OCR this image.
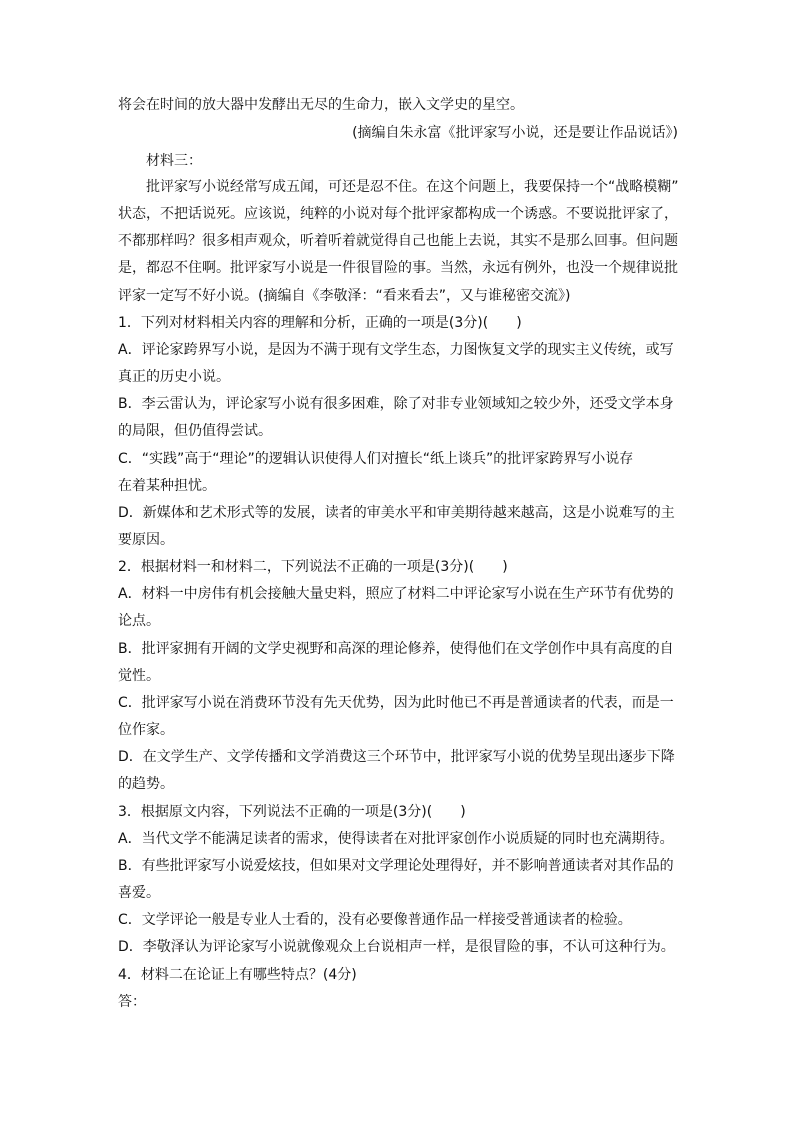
将会在时间的放大器中发酵出无尽的生命力，嵌入文学史的星空。
(摘编自朱永富《批评家写小说，还是要让作品说话》)
材料三：
批评家写小说经常写成五闻，可还是忍不住。在这个问题上，我要保持一个“战略模糊”
状态，不把话说死。应该说，纯粹的小说对每个批评家都构成一个诱惑。不要说批评家了，
不都那样吗？很多相声观众，听着听着就觉得自己也能上去说，其实不是那么回事。但问题
是，都忍不住啊。批评家写小说是一件很冒险的事。当然，永远有例外，也没一个规律说批
评家一定写不好小说。(摘编自《李敬泽：“看来看去”，又与谁秘密交流》)
1．下列对材料相关内容的理解和分析，正确的一项是(3分)(　　)
A．评论家跨界写小说，是因为不满于现有文学生态，力图恢复文学的现实主义传统，或写
真正的历史小说。
B．李云雷认为，评论家写小说有很多困难，除了对非专业领域知之较少外，还受文学本身
的局限，但仍值得尝试。
C．“实践”高于“理论”的逻辑认识使得人们对擅长“纸上谈兵”的批评家跨界写小说存
在着某种担忧。
D．新媒体和艺术形式等的发展，读者的审美水平和审美期待越来越高，这是小说难写的主
要原因。
2．根据材料一和材料二，下列说法不正确的一项是(3分)(　　)
A．材料一中房伟有机会接触大量史料，照应了材料二中评论家写小说在生产环节有优势的
论点。
B．批评家拥有开阔的文学史视野和高深的理论修养，使得他们在文学创作中具有高度的自
觉性。
C．批评家写小说在消费环节没有先天优势，因为此时他已不再是普通读者的代表，而是一
位作家。
D．在文学生产、文学传播和文学消费这三个环节中，批评家写小说的优势呈现出逐步下降
的趋势。
3．根据原文内容，下列说法不正确的一项是(3分)(　　)
A．当代文学不能满足读者的需求，使得读者在对批评家创作小说质疑的同时也充满期待。
B．有些批评家写小说爱炫技，但如果对文学理论处理得好，并不影响普通读者对其作品的
喜爱。
C．文学评论一般是专业人士看的，没有必要像普通作品一样接受普通读者的检验。
D．李敬泽认为评论家写小说就像观众上台说相声一样，是很冒险的事，不认可这种行为。
4．材料二在论证上有哪些特点？(4分)
答：
